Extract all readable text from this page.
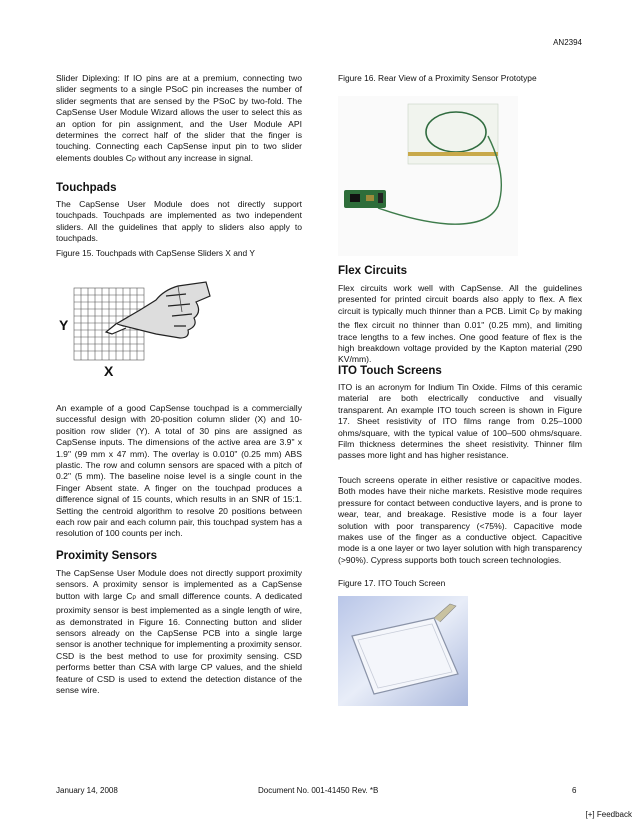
AN2394
Slider Diplexing: If IO pins are at a premium, connecting two slider segments to a single PSoC pin increases the number of slider segments that are sensed by the PSoC by two-fold. The CapSense User Module Wizard allows the user to select this as an option for pin assignment, and the User Module API determines the correct half of the slider that the finger is touching. Connecting each CapSense input pin to two slider elements doubles $C_P$ without any increase in signal.
Touchpads
The CapSense User Module does not directly support touchpads. Touchpads are implemented as two independent sliders. All the guidelines that apply to sliders also apply to touchpads.
Figure 15. Touchpads with CapSense Sliders X and Y
Y
X
An example of a good CapSense touchpad is a commercially successful design with 20-position column slider (X) and 10-position row slider (Y). A total of 30 pins are assigned as CapSense inputs. The dimensions of the active area are 3.9" x 1.9" (99 mm x 47 mm). The overlay is 0.010" (0.25 mm) ABS plastic. The row and column sensors are spaced with a pitch of 0.2" (5 mm). The baseline noise level is a single count in the Finger Absent state. A finger on the touchpad produces a difference signal of 15 counts, which results in an SNR of 15:1. Setting the centroid algorithm to resolve 20 positions between each row pair and each column pair, this touchpad system has a resolution of 100 counts per inch.
Proximity Sensors
The CapSense User Module does not directly support proximity sensors. A proximity sensor is implemented as a CapSense button with large $C_P$ and small difference counts. A dedicated proximity sensor is best implemented as a single length of wire, as demonstrated in Figure 16. Connecting button and slider sensors already on the CapSense PCB into a single large sensor is another technique for implementing a proximity sensor. CSD is the best method to use for proximity sensing. CSD performs better than CSA with large CP values, and the shield feature of CSD is used to extend the detection distance of the sense wire.
Figure 16. Rear View of a Proximity Sensor Prototype
Flex Circuits
Flex circuits work well with CapSense. All the guidelines presented for printed circuit boards also apply to flex. A flex circuit is typically much thinner than a PCB. Limit $C_P$ by making the flex circuit no thinner than 0.01" (0.25 mm), and limiting trace lengths to a few inches. One good feature of flex is the high breakdown voltage provided by the Kapton material (290 KV/mm).
ITO Touch Screens
ITO is an acronym for Indium Tin Oxide. Films of this ceramic material are both electrically conductive and visually transparent. An example ITO touch screen is shown in Figure 17. Sheet resistivity of ITO films range from 0.25–1000 ohms/square, with the typical value of 100–500 ohms/square. Film thickness determines the sheet resistivity. Thinner film passes more light and has higher resistance.
Touch screens operate in either resistive or capacitive modes. Both modes have their niche markets. Resistive mode requires pressure for contact between conductive layers, and is prone to wear, tear, and breakage. Resistive mode is a four layer solution with poor transparency (<75%). Capacitive mode makes use of the finger as a conductive object. Capacitive mode is a one layer or two layer solution with high transparency (>90%). Cypress supports both touch screen technologies.
Figure 17. ITO Touch Screen
January 14, 2008	Document No. 001-41450 Rev. *B	6
[+] Feedback
